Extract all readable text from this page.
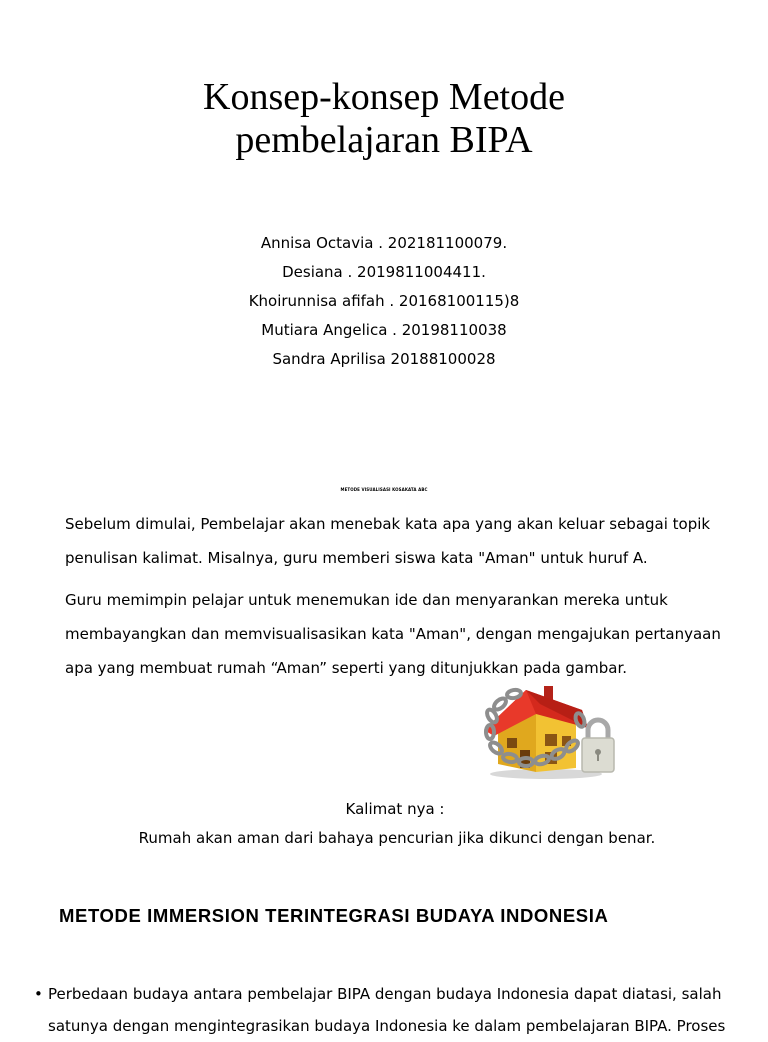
Konsep-konsep Metode
pembelajaran BIPA
Annisa Octavia . 202181100079.
Desiana . 2019811004411.
Khoirunnisa afifah . 20168100115)8
Mutiara Angelica . 20198110038
Sandra Aprilisa 20188100028
METODE VISUALISASI KOSAKATA ABC

Sebelum dimulai, Pembelajar akan menebak kata apa yang akan keluar sebagai topik penulisan kalimat. Misalnya, guru memberi siswa kata "Aman" untuk huruf A.

Guru memimpin pelajar untuk menemukan ide dan menyarankan mereka untuk membayangkan dan memvisualisasikan kata "Aman", dengan mengajukan pertanyaan apa yang membuat rumah “Aman” seperti yang ditunjukkan pada gambar.

Kalimat nya :
Rumah akan aman dari bahaya pencurian jika dikunci dengan benar.
METODE IMMERSION TERINTEGRASI BUDAYA INDONESIA
• Perbedaan budaya antara pembelajar BIPA dengan budaya Indonesia dapat diatasi, salah satunya dengan mengintegrasikan budaya Indonesia ke dalam pembelajaran BIPA. Proses
